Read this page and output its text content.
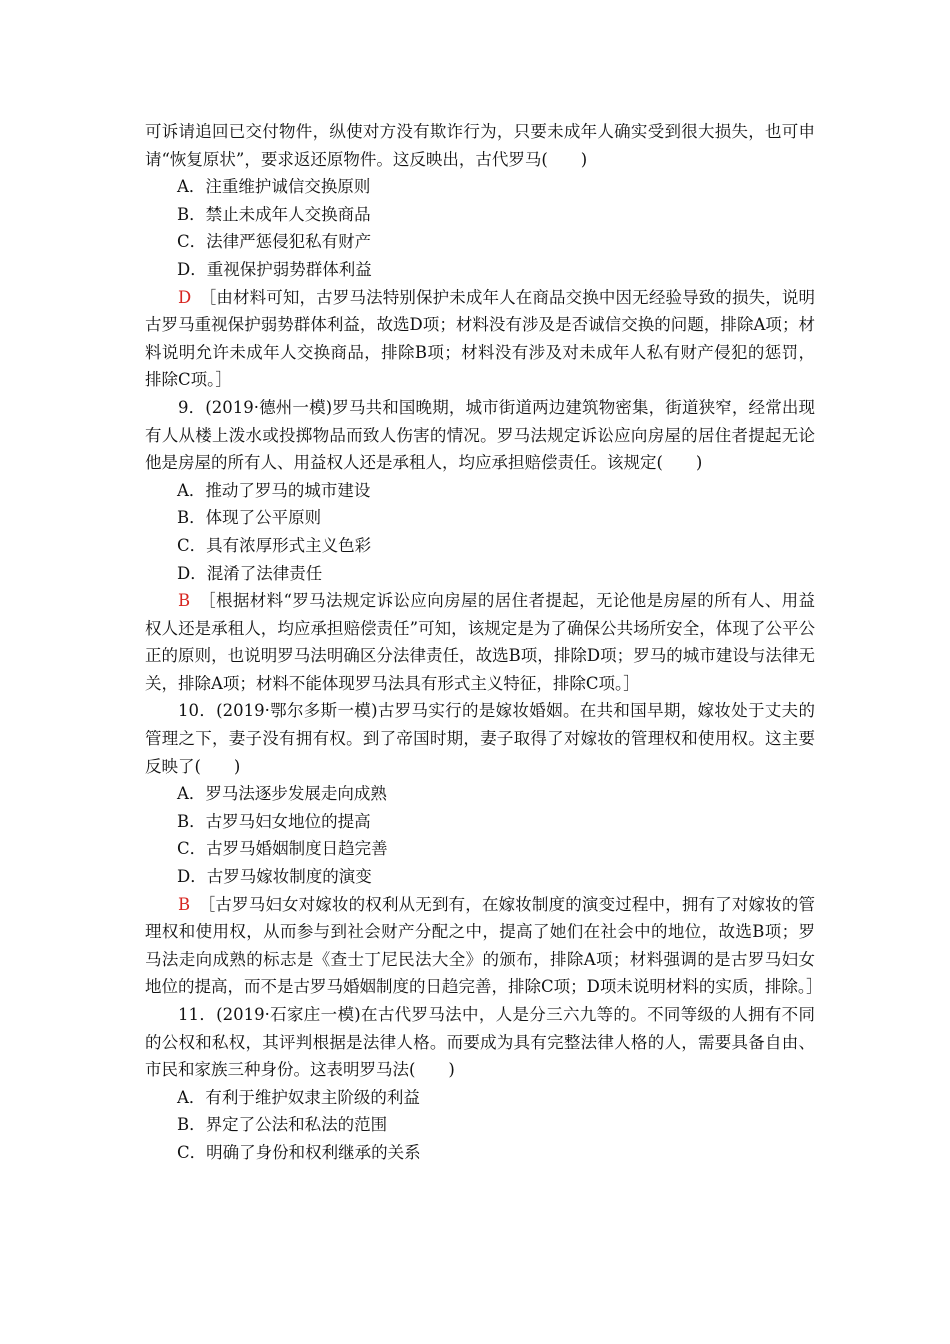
可诉请追回已交付物件，纵使对方没有欺诈行为，只要未成年人确实受到很大损失，也可申请“恢复原状”，要求返还原物件。这反映出，古代罗马(　　)

A．注重维护诚信交换原则

B．禁止未成年人交换商品

C．法律严惩侵犯私有财产

D．重视保护弱势群体利益

D　 ［由材料可知，古罗马法特别保护未成年人在商品交换中因无经验导致的损失，说明古罗马重视保护弱势群体利益，故选D项；材料没有涉及是否诚信交换的问题，排除A项；材料说明允许未成年人交换商品，排除B项；材料没有涉及对未成年人私有财产侵犯的惩罚，排除C项。］

9．(2019·德州一模)罗马共和国晚期，城市街道两边建筑物密集，街道狭窄，经常出现有人从楼上泼水或投掷物品而致人伤害的情况。罗马法规定诉讼应向房屋的居住者提起无论他是房屋的所有人、用益权人还是承租人，均应承担赔偿责任。该规定(　　)

A．推动了罗马的城市建设

B．体现了公平原则

C．具有浓厚形式主义色彩

D．混淆了法律责任

B　 ［根据材料“罗马法规定诉讼应向房屋的居住者提起，无论他是房屋的所有人、用益权人还是承租人，均应承担赔偿责任”可知，该规定是为了确保公共场所安全，体现了公平公正的原则，也说明罗马法明确区分法律责任，故选B项，排除D项；罗马的城市建设与法律无关，排除A项；材料不能体现罗马法具有形式主义特征，排除C项。］

10．(2019·鄂尔多斯一模)古罗马实行的是嫁妆婚姻。在共和国早期，嫁妆处于丈夫的管理之下，妻子没有拥有权。到了帝国时期，妻子取得了对嫁妆的管理权和使用权。这主要反映了(　　)

A．罗马法逐步发展走向成熟

B．古罗马妇女地位的提高

C．古罗马婚姻制度日趋完善

D．古罗马嫁妆制度的演变

B　 ［古罗马妇女对嫁妆的权利从无到有，在嫁妆制度的演变过程中，拥有了对嫁妆的管理权和使用权，从而参与到社会财产分配之中，提高了她们在社会中的地位，故选B项；罗马法走向成熟的标志是《查士丁尼民法大全》的颁布，排除A项；材料强调的是古罗马妇女地位的提高，而不是古罗马婚姻制度的日趋完善，排除C项；D项未说明材料的实质，排除。］

11．(2019·石家庄一模)在古代罗马法中，人是分三六九等的。不同等级的人拥有不同的公权和私权，其评判根据是法律人格。而要成为具有完整法律人格的人，需要具备自由、市民和家族三种身份。这表明罗马法(　　)

A．有利于维护奴隶主阶级的利益

B．界定了公法和私法的范围

C．明确了身份和权利继承的关系
